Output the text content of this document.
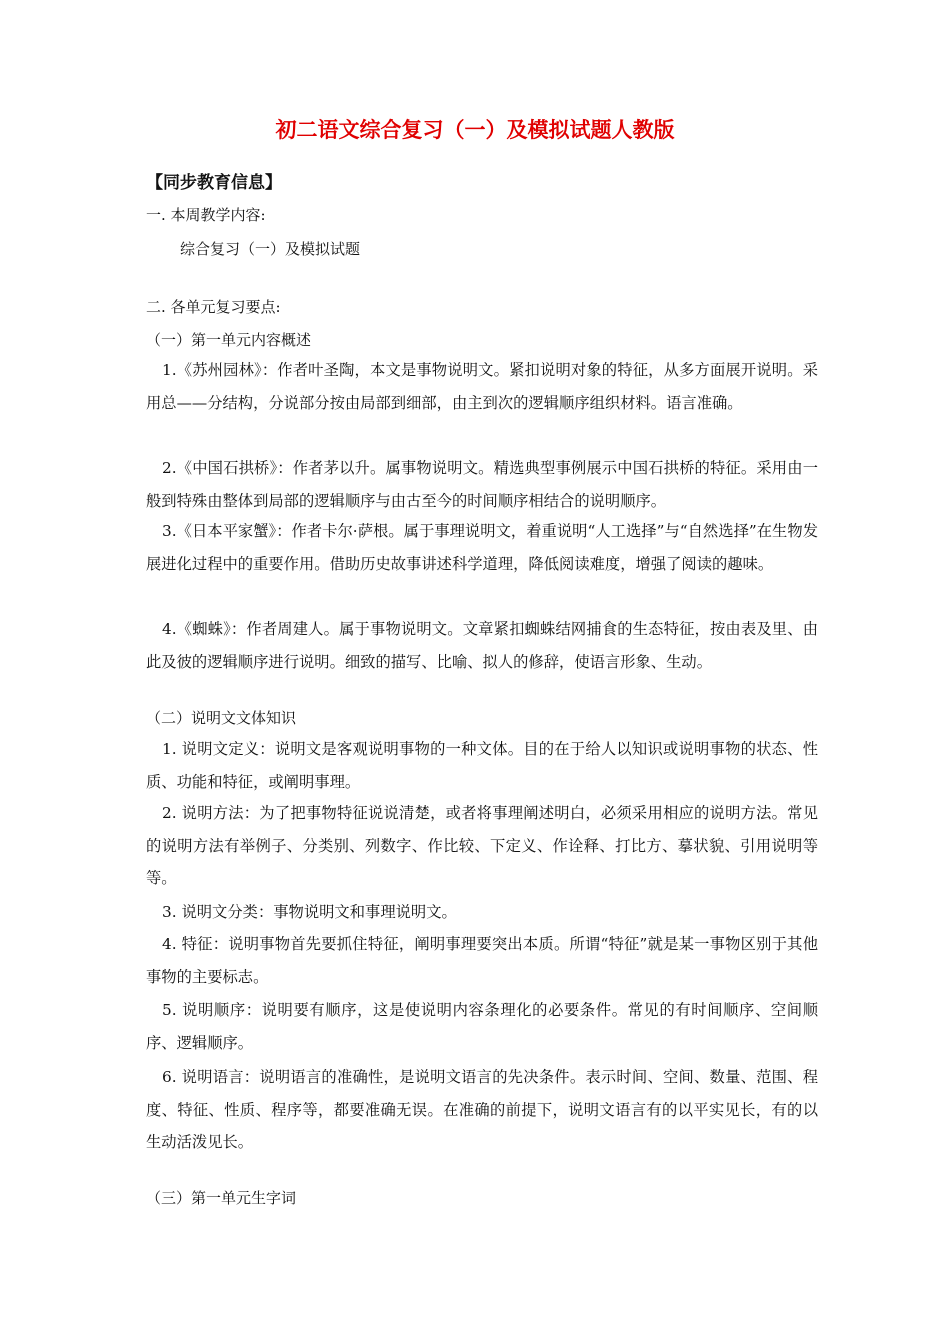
初二语文综合复习（一）及模拟试题人教版
【同步教育信息】
一. 本周教学内容:
综合复习（一）及模拟试题
二. 各单元复习要点:
（一）第一单元内容概述
1.《苏州园林》：作者叶圣陶，本文是事物说明文。紧扣说明对象的特征，从多方面展开说明。采用总——分结构，分说部分按由局部到细部，由主到次的逻辑顺序组织材料。语言准确。
2.《中国石拱桥》：作者茅以升。属事物说明文。精选典型事例展示中国石拱桥的特征。采用由一般到特殊由整体到局部的逻辑顺序与由古至今的时间顺序相结合的说明顺序。
3.《日本平家蟹》：作者卡尔·萨根。属于事理说明文，着重说明“人工选择”与“自然选择”在生物发展进化过程中的重要作用。借助历史故事讲述科学道理，降低阅读难度，增强了阅读的趣味。
4.《蜘蛛》：作者周建人。属于事物说明文。文章紧扣蜘蛛结网捕食的生态特征，按由表及里、由此及彼的逻辑顺序进行说明。细致的描写、比喻、拟人的修辞，使语言形象、生动。
（二）说明文文体知识
1. 说明文定义：说明文是客观说明事物的一种文体。目的在于给人以知识或说明事物的状态、性质、功能和特征，或阐明事理。
2. 说明方法：为了把事物特征说说清楚，或者将事理阐述明白，必须采用相应的说明方法。常见的说明方法有举例子、分类别、列数字、作比较、下定义、作诠释、打比方、摹状貌、引用说明等等。
3. 说明文分类：事物说明文和事理说明文。
4. 特征：说明事物首先要抓住特征，阐明事理要突出本质。所谓“特征”就是某一事物区别于其他事物的主要标志。
5. 说明顺序：说明要有顺序，这是使说明内容条理化的必要条件。常见的有时间顺序、空间顺序、逻辑顺序。
6. 说明语言：说明语言的准确性，是说明文语言的先决条件。表示时间、空间、数量、范围、程度、特征、性质、程序等，都要准确无误。在准确的前提下，说明文语言有的以平实见长，有的以生动活泼见长。
（三）第一单元生字词
